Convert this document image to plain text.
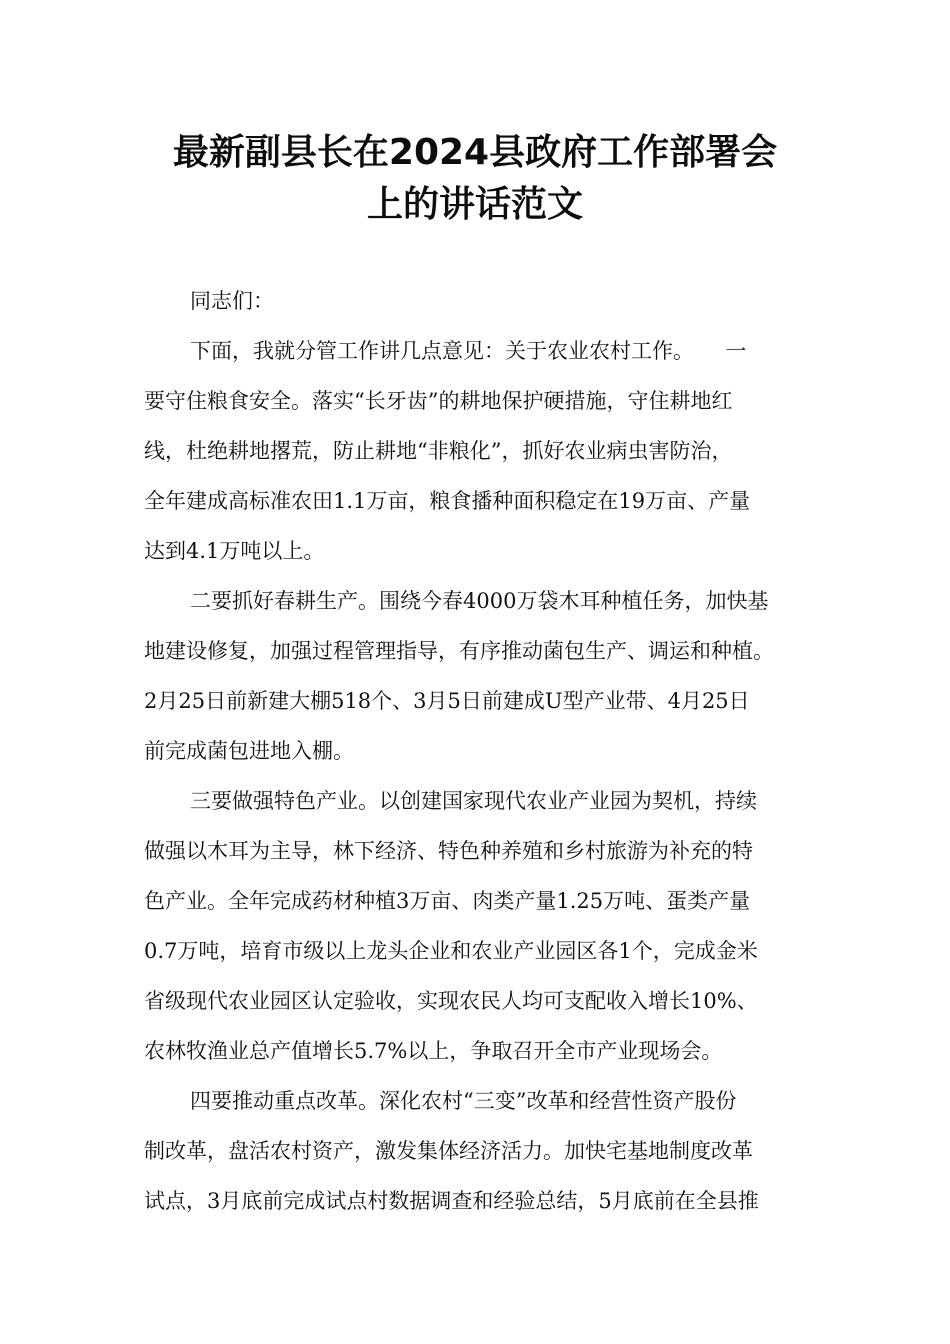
最新副县长在2024县政府工作部署会
上的讲话范文

同志们：

下面，我就分管工作讲几点意见：关于农业农村工作。　　一

要守住粮食安全。落实“长牙齿”的耕地保护硬措施，守住耕地红

线，杜绝耕地撂荒，防止耕地“非粮化”，抓好农业病虫害防治，

全年建成高标准农田1.1万亩，粮食播种面积稳定在19万亩、产量

达到4.1万吨以上。

二要抓好春耕生产。围绕今春4000万袋木耳种植任务，加快基

地建设修复，加强过程管理指导，有序推动菌包生产、调运和种植。

2月25日前新建大棚518个、3月5日前建成U型产业带、4月25日

前完成菌包进地入棚。

三要做强特色产业。以创建国家现代农业产业园为契机，持续

做强以木耳为主导，林下经济、特色种养殖和乡村旅游为补充的特

色产业。全年完成药材种植3万亩、肉类产量1.25万吨、蛋类产量

0.7万吨，培育市级以上龙头企业和农业产业园区各1个，完成金米

省级现代农业园区认定验收，实现农民人均可支配收入增长10%、

农林牧渔业总产值增长5.7%以上，争取召开全市产业现场会。

四要推动重点改革。深化农村“三变”改革和经营性资产股份

制改革，盘活农村资产，激发集体经济活力。加快宅基地制度改革

试点，3月底前完成试点村数据调查和经验总结，5月底前在全县推
